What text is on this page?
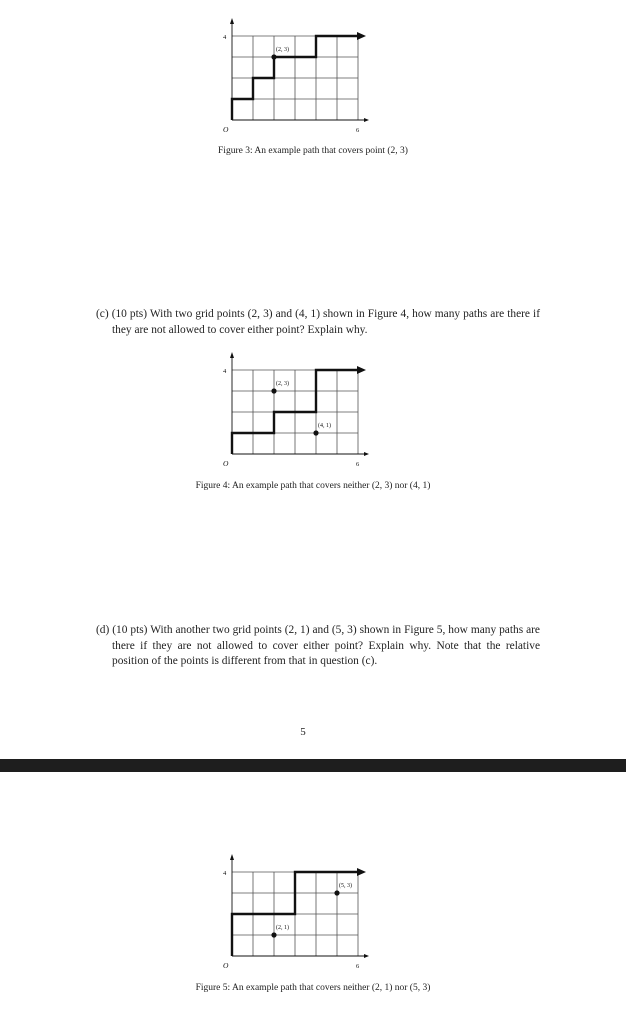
O	6
4
(2, 3)
O	6
4
(2, 3)
(4, 1)
O	6
4
(5, 3)
(2, 1)
Figure 3: An example path that covers point (2, 3)
(c) (10 pts) With two grid points (2, 3) and (4, 1) shown in Figure 4, how many paths are there if they are not allowed to cover either point? Explain why.
Figure 4: An example path that covers neither (2, 3) nor (4, 1)
(d) (10 pts) With another two grid points (2, 1) and (5, 3) shown in Figure 5, how many paths are there if they are not allowed to cover either point? Explain why. Note that the relative position of the points is different from that in question (c).
5
Figure 5: An example path that covers neither (2, 1) nor (5, 3)
